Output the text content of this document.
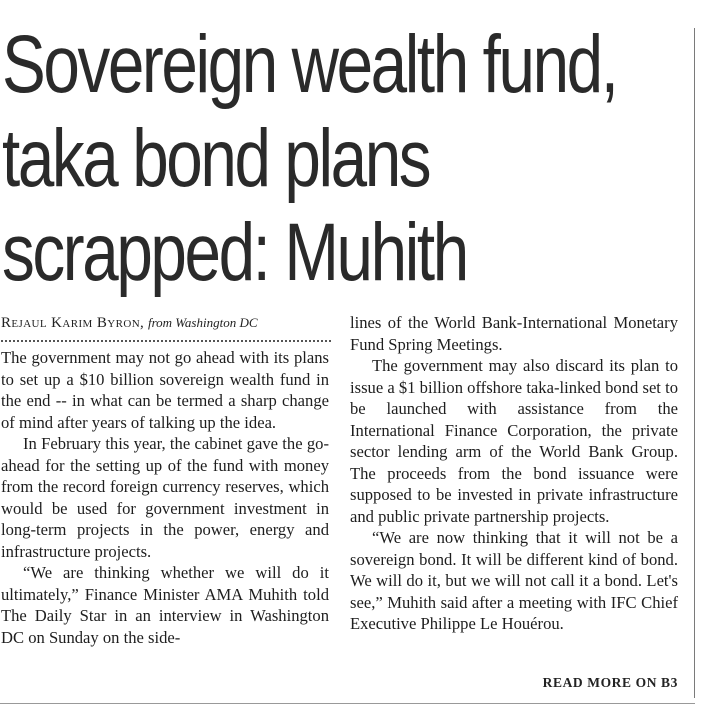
Sovereign wealth fund,
taka bond plans
scrapped: Muhith
Rejaul Karim Byron, from Washington DC

The government may not go ahead with its plans to set up a $10 billion sovereign wealth fund in the end -- in what can be termed a sharp change of mind after years of talking up the idea.

In February this year, the cabinet gave the go-ahead for the setting up of the fund with money from the record foreign currency reserves, which would be used for government investment in long-term projects in the power, energy and infrastructure projects.

“We are thinking whether we will do it ultimately,” Finance Minister AMA Muhith told The Daily Star in an interview in Washington DC on Sunday on the side-

lines of the World Bank-International Monetary Fund Spring Meetings.

The government may also discard its plan to issue a $1 billion offshore taka-linked bond set to be launched with assistance from the International Finance Corporation, the private sector lending arm of the World Bank Group. The proceeds from the bond issuance were supposed to be invested in private infrastructure and public private partnership projects.

“We are now thinking that it will not be a sovereign bond. It will be different kind of bond. We will do it, but we will not call it a bond. Let's see,” Muhith said after a meeting with IFC Chief Executive Philippe Le Houérou.

READ MORE ON B3
